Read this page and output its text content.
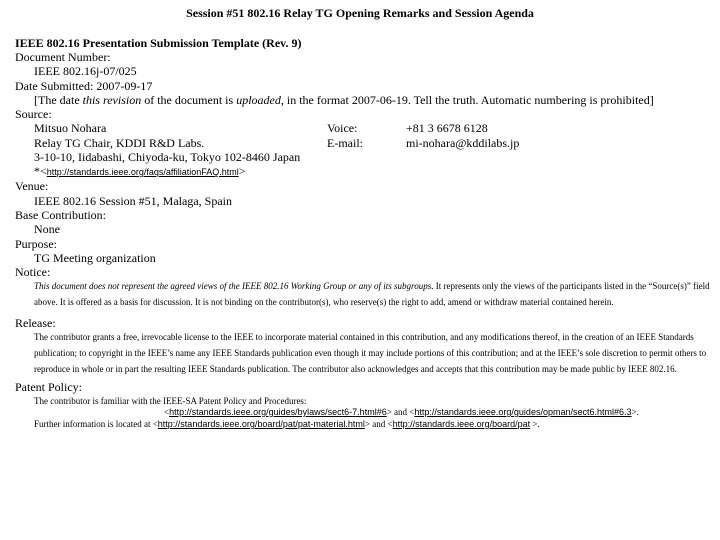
Session #51 802.16 Relay TG Opening Remarks and Session Agenda
IEEE 802.16 Presentation Submission Template (Rev. 9)
Document Number:
IEEE 802.16j-07/025
Date Submitted: 2007-09-17
[The date this revision of the document is uploaded, in the format 2007-06-19. Tell the truth. Automatic numbering is prohibited]
Source:
Mitsuo Nohara
Relay TG Chair, KDDI R&D Labs.
3-10-10, Iidabashi, Chiyoda-ku, Tokyo 102-8460 Japan
Voice:	+81 3 6678 6128
E-mail:	mi-nohara@kddilabs.jp
*<http://standards.ieee.org/faqs/affiliationFAQ.html>
Venue:
IEEE 802.16 Session #51, Malaga, Spain
Base Contribution:
None
Purpose:
TG Meeting organization
Notice:
This document does not represent the agreed views of the IEEE 802.16 Working Group or any of its subgroups. It represents only the views of the participants listed in the “Source(s)” field above. It is offered as a basis for discussion. It is not binding on the contributor(s), who reserve(s) the right to add, amend or withdraw material contained herein.
Release:
The contributor grants a free, irrevocable license to the IEEE to incorporate material contained in this contribution, and any modifications thereof, in the creation of an IEEE Standards publication; to copyright in the IEEE’s name any IEEE Standards publication even though it may include portions of this contribution; and at the IEEE’s sole discretion to permit others to reproduce in whole or in part the resulting IEEE Standards publication. The contributor also acknowledges and accepts that this contribution may be made public by IEEE 802.16.
Patent Policy:
The contributor is familiar with the IEEE-SA Patent Policy and Procedures:
<http://standards.ieee.org/guides/bylaws/sect6-7.html#6> and <http://standards.ieee.org/guides/opman/sect6.html#6.3>.
Further information is located at <http://standards.ieee.org/board/pat/pat-material.html> and <http://standards.ieee.org/board/pat >.
